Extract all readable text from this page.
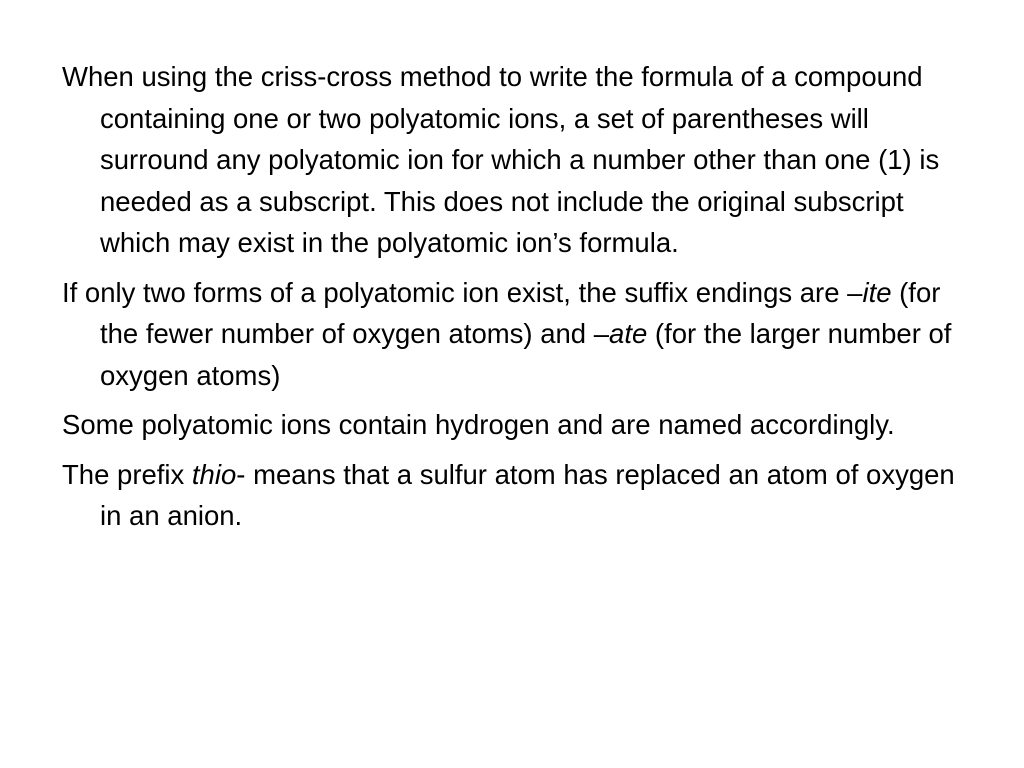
When using the criss-cross method to write the formula of a compound containing one or two polyatomic ions, a set of parentheses will surround any polyatomic ion for which a number other than one (1) is needed as a subscript. This does not include the original subscript which may exist in the polyatomic ion’s formula.

If only two forms of a polyatomic ion exist, the suffix endings are –ite (for the fewer number of oxygen atoms) and –ate (for the larger number of oxygen atoms)

Some polyatomic ions contain hydrogen and are named accordingly.

The prefix thio- means that a sulfur atom has replaced an atom of oxygen in an anion.
